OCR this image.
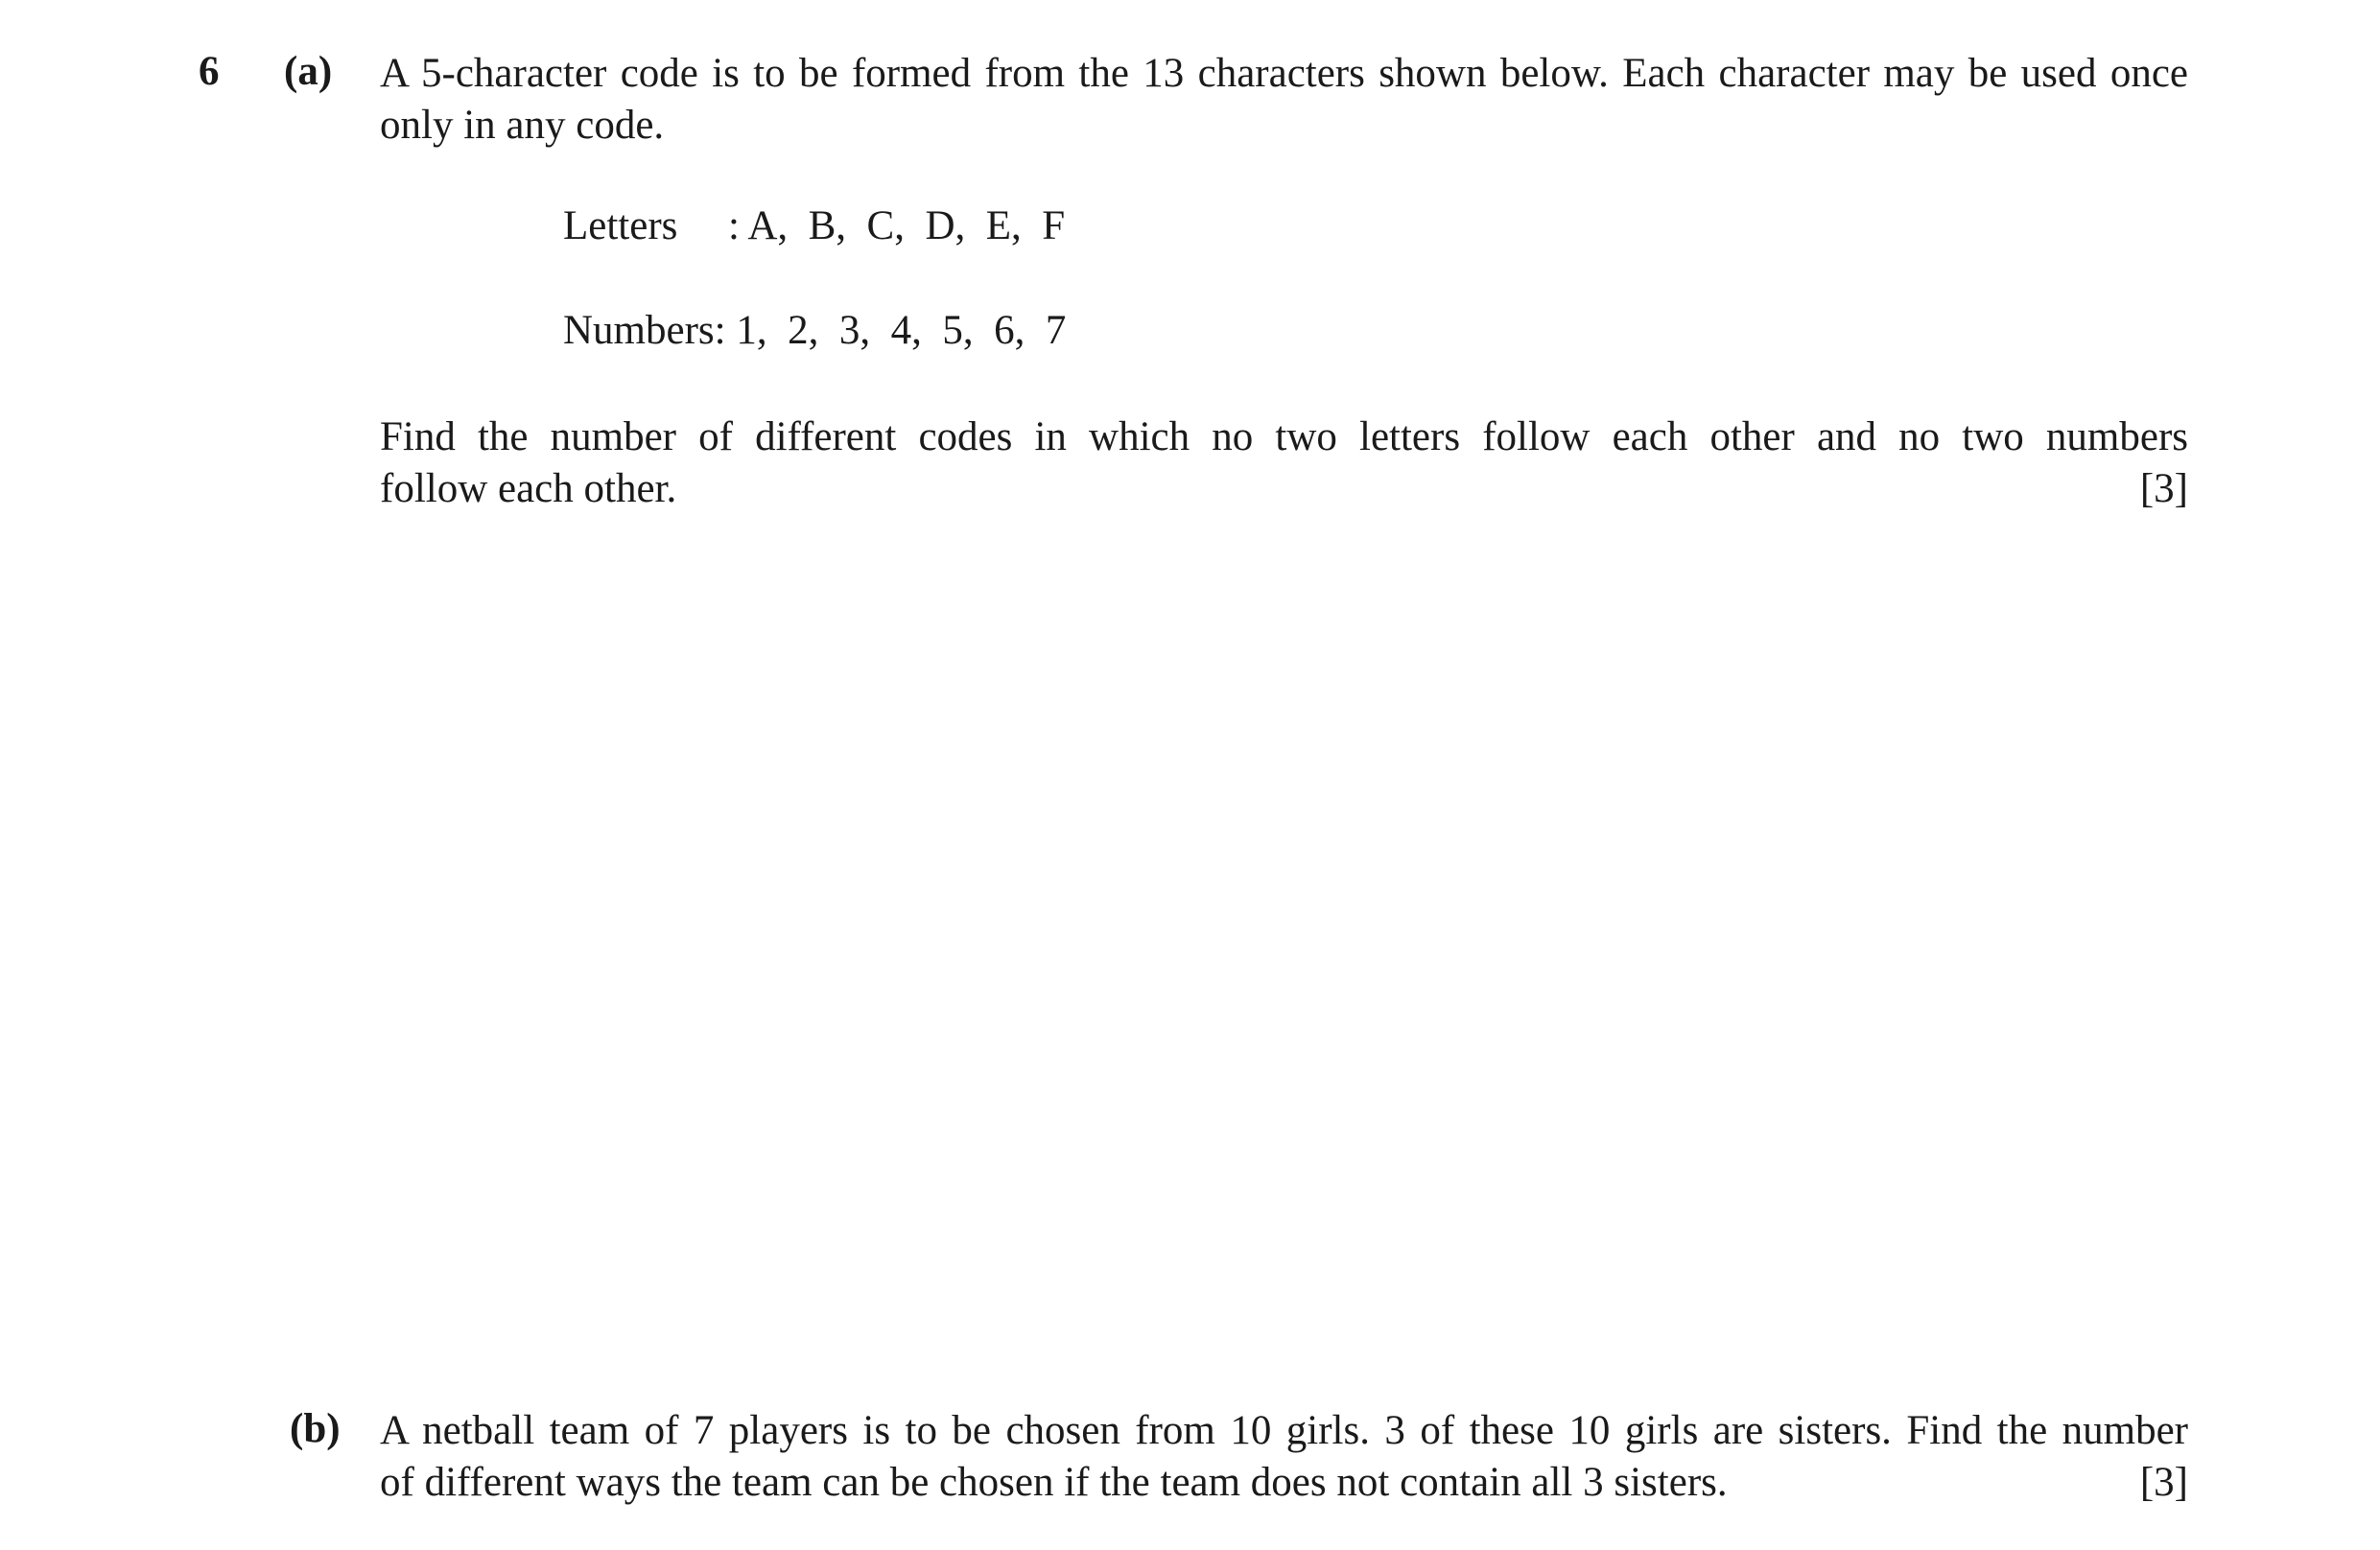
6 (a) A 5-character code is to be formed from the 13 characters shown below. Each character may be used once only in any code.
Letters : A,  B,  C,  D,  E,  F
Numbers: 1,  2,  3,  4,  5,  6,  7
Find the number of different codes in which no two letters follow each other and no two numbers
follow each other.	[3]
(b) A netball team of 7 players is to be chosen from 10 girls. 3 of these 10 girls are sisters. Find the number
of different ways the team can be chosen if the team does not contain all 3 sisters.	[3]
